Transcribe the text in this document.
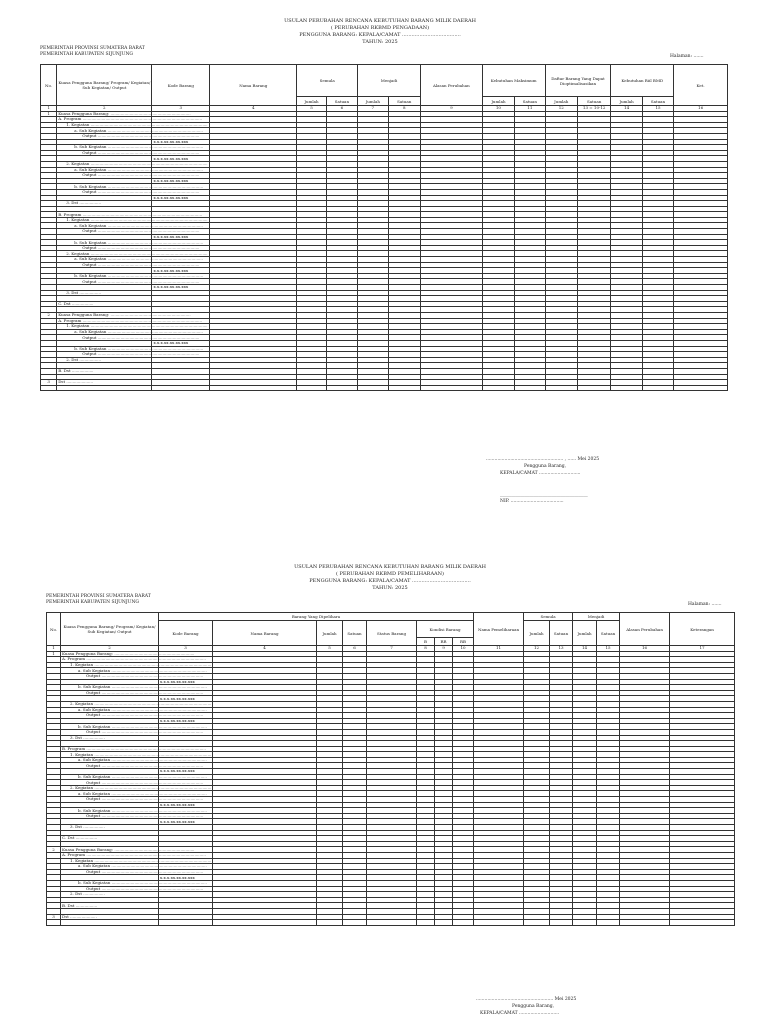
USULAN PERUBAHAN RENCANA KEBUTUHAN BARANG MILIK DAERAH
( PERUBAHAN RKBMD PENGADAAN)
PENGGUNA BARANG: KEPALA/CAMAT .....................................
TAHUN: 2025
PEMERINTAH PROVINSI SUMATERA BARAT
PEMERINTAH KABUPATEN SIJUNJUNG	Halaman: .......
No.	Kuasa Pengguna Barang/ Program/ Kegiatan/ Sub Kegiatan/ Output	Kode Barang	Nama Barang	Semula		Menjadi		Alasan Perubahan	Kebutuhan Maksimum		Daftar Barang Yang Dapat Dioptimalisasikan		Kebutuhan Riil BMD		Ket.
				Jumlah	Satuan	Jumlah	Satuan		Jumlah	Satuan	Jumlah	Satuan	Jumlah	Satuan	
1	2	3	4	5	6	7	8	9	10	11	12	13 = 10-12	14	15	16
1	Kuasa Pengguna Barang: ...............................................................														
	A. Program ..............................................................................................														
	1. Kegiatan ............................................................................................														
	a. Sub Kegiatan ...........................................................................														
	Output ................................................................................														
		x.x.x.xx.xx.xx.xxx													
	b. Sub Kegiatan ...........................................................................														
	Output ................................................................................														
		x.x.x.xx.xx.xx.xxx													
	2. Kegiatan ............................................................................................														
	a. Sub Kegiatan ...........................................................................														
	Output ................................................................................														
		x.x.x.xx.xx.xx.xxx													
	b. Sub Kegiatan ...........................................................................														
	Output ................................................................................														
		x.x.x.xx.xx.xx.xxx													
	3. Dst .................														

	B. Program ..............................................................................................														
	1. Kegiatan ............................................................................................														
	a. Sub Kegiatan ...........................................................................														
	Output ................................................................................														
		x.x.x.xx.xx.xx.xxx													
	b. Sub Kegiatan ...........................................................................														
	Output ................................................................................														
	2. Kegiatan ............................................................................................														
	a. Sub Kegiatan ...........................................................................														
	Output ................................................................................														
		x.x.x.xx.xx.xx.xxx													
	b. Sub Kegiatan ...........................................................................														
	Output ................................................................................														
		x.x.x.xx.xx.xx.xxx													
	3. Dst .................														

	C. Dst .................														

2	Kuasa Pengguna Barang: ...............................................................														
	A. Program ..............................................................................................														
	1. Kegiatan ............................................................................................														
	a. Sub Kegiatan ...........................................................................														
	Output ................................................................................														
		x.x.x.xx.xx.xx.xxx													
	b. Sub Kegiatan ...........................................................................														
	Output ................................................................................														
	2. Dst .................														

	B. Dst .................														

3	Dst .....................														

...................................................... , ...... Mei 2025
Pengguna Barang,
KEPALA/CAMAT .............................
_______________________________________
NIP. .....................................
USULAN PERUBAHAN RENCANA KEBUTUHAN BARANG MILIK DAERAH
( PERUBAHAN RKBMD PEMELIHARAAN)
PENGGUNA BARANG: KEPALA/CAMAT .....................................
TAHUN: 2025
PEMERINTAH PROVINSI SUMATERA BARAT
PEMERINTAH KABUPATEN SIJUNJUNG	Halaman: .......
No.	Kuasa Pengguna Barang/ Program/ Kegiatan/ Sub Kegiatan/ Output	Barang Yang Dipelihara								Nama Pemeliharaan	Semula		Menjadi		Alasan Perubahan	Keterangan
		Kode Barang	Nama Barang	Jumlah	Satuan	Status Barang	Kondisi Barang				Jumlah	Satuan	Jumlah	Satuan		
							B	RR	RB							
1	2	3	4	5	6	7	8	9	10	11	12	13	14	15	16	17
1	Kuasa Pengguna Barang: ...............................................................															
	A. Program ..............................................................................................															
	1. Kegiatan ............................................................................................															
	a. Sub Kegiatan ...........................................................................															
	Output ................................................................................															
		x.x.x.xx.xx.xx.xxx														
	b. Sub Kegiatan ...........................................................................															
	Output ................................................................................															
		x.x.x.xx.xx.xx.xxx														
	2. Kegiatan ............................................................................................															
	a. Sub Kegiatan ...........................................................................															
	Output ................................................................................															
		x.x.x.xx.xx.xx.xxx														
	b. Sub Kegiatan ...........................................................................															
	Output ................................................................................															
	3. Dst .................															

	B. Program ..............................................................................................															
	1. Kegiatan ............................................................................................															
	a. Sub Kegiatan ...........................................................................															
	Output ................................................................................															
		x.x.x.xx.xx.xx.xxx														
	b. Sub Kegiatan ...........................................................................															
	Output ................................................................................															
	2. Kegiatan ............................................................................................															
	a. Sub Kegiatan ...........................................................................															
	Output ................................................................................															
		x.x.x.xx.xx.xx.xxx														
	b. Sub Kegiatan ...........................................................................															
	Output ................................................................................															
		x.x.x.xx.xx.xx.xxx														
	3. Dst .................															

	C. Dst .................															

2	Kuasa Pengguna Barang: ...............................................................															
	A. Program ..............................................................................................															
	1. Kegiatan ............................................................................................															
	a. Sub Kegiatan ...........................................................................															
	Output ................................................................................															
		x.x.x.xx.xx.xx.xxx														
	b. Sub Kegiatan ...........................................................................															
	Output ................................................................................															
	2. Dst .................															

	B. Dst .................															

3	Dst .....................															

...................................................... Mei 2025
Pengguna Barang,
KEPALA/CAMAT ............................
